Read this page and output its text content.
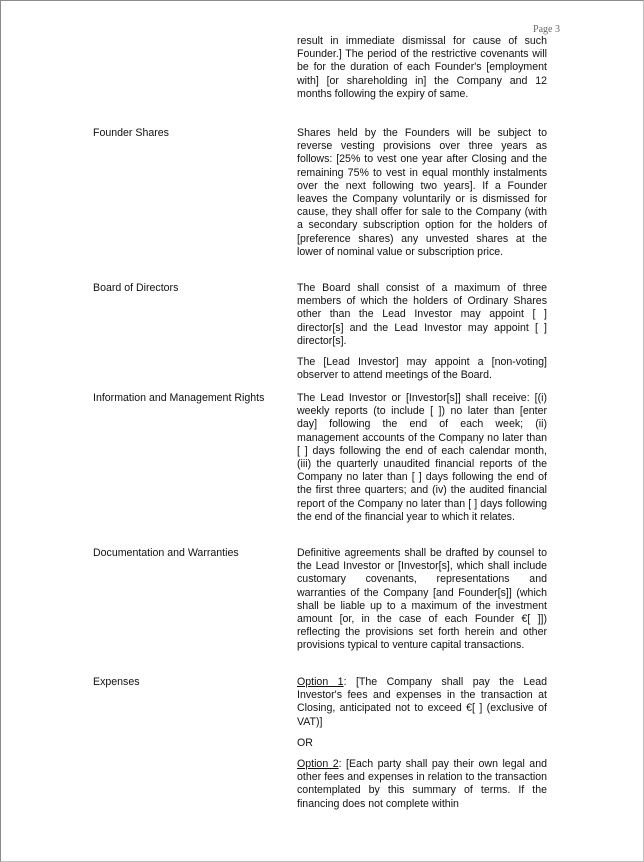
Page 3

result in immediate dismissal for cause of such Founder.] The period of the restrictive covenants will be for the duration of each Founder's [employment with] [or shareholding in] the Company and 12 months following the expiry of same.

Founder Shares	Shares held by the Founders will be subject to reverse vesting provisions over three years as follows: [25% to vest one year after Closing and the remaining 75% to vest in equal monthly instalments over the next following two years]. If a Founder leaves the Company voluntarily or is dismissed for cause, they shall offer for sale to the Company (with a secondary subscription option for the holders of [preference shares) any unvested shares at the lower of nominal value or subscription price.

Board of Directors	The Board shall consist of a maximum of three members of which the holders of Ordinary Shares other than the Lead Investor may appoint [ ] director[s] and the Lead Investor may appoint [ ] director[s].

The [Lead Investor] may appoint a [non-voting] observer to attend meetings of the Board.

Information and Management Rights	The Lead Investor or [Investor[s]] shall receive: [(i) weekly reports (to include [ ]) no later than [enter day] following the end of each week; (ii) management accounts of the Company no later than [ ] days following the end of each calendar month, (iii) the quarterly unaudited financial reports of the Company no later than [ ] days following the end of the first three quarters; and (iv) the audited financial report of the Company no later than [ ] days following the end of the financial year to which it relates.

Documentation and Warranties	Definitive agreements shall be drafted by counsel to the Lead Investor or [Investor[s], which shall include customary covenants, representations and warranties of the Company [and Founder[s]] (which shall be liable up to a maximum of the investment amount [or, in the case of each Founder €[ ]]) reflecting the provisions set forth herein and other provisions typical to venture capital transactions.

Expenses	Option 1: [The Company shall pay the Lead Investor's fees and expenses in the transaction at Closing, anticipated not to exceed €[ ] (exclusive of VAT)]

OR

Option 2: [Each party shall pay their own legal and other fees and expenses in relation to the transaction contemplated by this summary of terms. If the financing does not complete within
